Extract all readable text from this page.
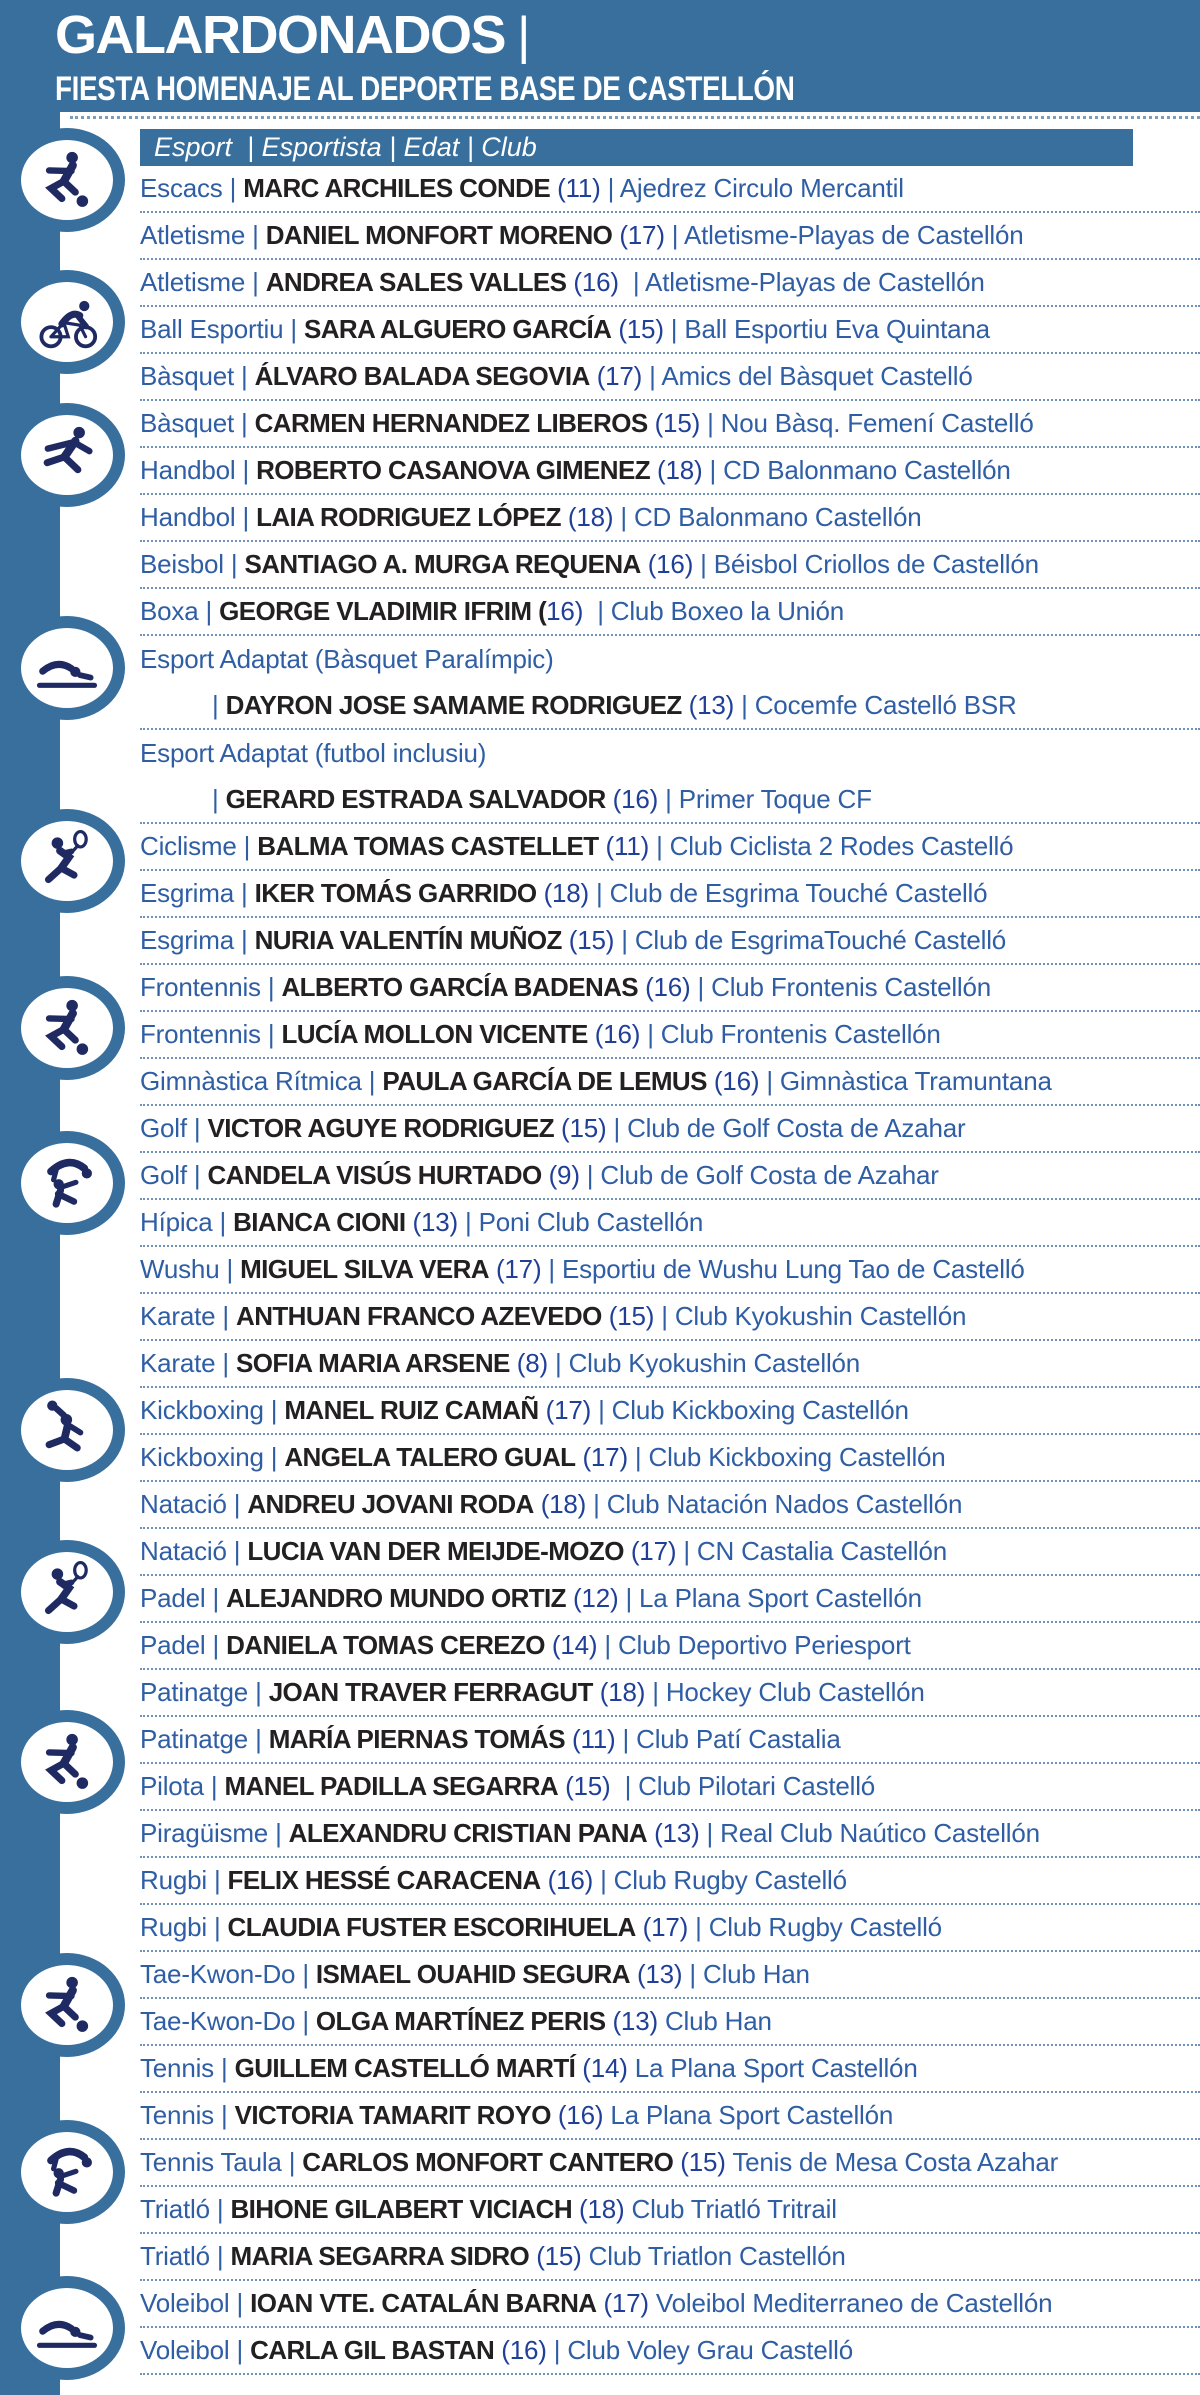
GALARDONADOS |
FIESTA HOMENAJE AL DEPORTE BASE DE CASTELLÓN
Esport  | Esportista | Edat | Club
Escacs | MARC ARCHILES CONDE (11) | Ajedrez Circulo Mercantil
Atletisme | DANIEL MONFORT MORENO (17) | Atletisme-Playas de Castellón
Atletisme | ANDREA SALES VALLES (16)  | Atletisme-Playas de Castellón
Ball Esportiu | SARA ALGUERO GARCÍA (15) | Ball Esportiu Eva Quintana
Bàsquet | ÁLVARO BALADA SEGOVIA (17) | Amics del Bàsquet Castelló
Bàsquet | CARMEN HERNANDEZ LIBEROS (15) | Nou Bàsq. Femení Castelló
Handbol | ROBERTO CASANOVA GIMENEZ (18) | CD Balonmano Castellón
Handbol | LAIA RODRIGUEZ LÓPEZ (18) | CD Balonmano Castellón
Beisbol | SANTIAGO A. MURGA REQUENA (16) | Béisbol Criollos de Castellón
Boxa | GEORGE VLADIMIR IFRIM (16)  | Club Boxeo la Unión
Esport Adaptat (Bàsquet Paralímpic)
| DAYRON JOSE SAMAME RODRIGUEZ (13) | Cocemfe Castelló BSR
Esport Adaptat (futbol inclusiu)
| GERARD ESTRADA SALVADOR (16) | Primer Toque CF
Ciclisme | BALMA TOMAS CASTELLET (11) | Club Ciclista 2 Rodes Castelló
Esgrima | IKER TOMÁS GARRIDO (18) | Club de Esgrima Touché Castelló
Esgrima | NURIA VALENTÍN MUÑOZ (15) | Club de EsgrimaTouché Castelló
Frontennis | ALBERTO GARCÍA BADENAS (16) | Club Frontenis Castellón
Frontennis | LUCÍA MOLLON VICENTE (16) | Club Frontenis Castellón
Gimnàstica Rítmica | PAULA GARCÍA DE LEMUS (16) | Gimnàstica Tramuntana
Golf | VICTOR AGUYE RODRIGUEZ (15) | Club de Golf Costa de Azahar
Golf | CANDELA VISÚS HURTADO (9) | Club de Golf Costa de Azahar
Hípica | BIANCA CIONI (13) | Poni Club Castellón
Wushu | MIGUEL SILVA VERA (17) | Esportiu de Wushu Lung Tao de Castelló
Karate | ANTHUAN FRANCO AZEVEDO (15) | Club Kyokushin Castellón
Karate | SOFIA MARIA ARSENE (8) | Club Kyokushin Castellón
Kickboxing | MANEL RUIZ CAMAÑ (17) | Club Kickboxing Castellón
Kickboxing | ANGELA TALERO GUAL (17) | Club Kickboxing Castellón
Natació | ANDREU JOVANI RODA (18) | Club Natación Nados Castellón
Natació | LUCIA VAN DER MEIJDE-MOZO (17) | CN Castalia Castellón
Padel | ALEJANDRO MUNDO ORTIZ (12) | La Plana Sport Castellón
Padel | DANIELA TOMAS CEREZO (14) | Club Deportivo Periesport
Patinatge | JOAN TRAVER FERRAGUT (18) | Hockey Club Castellón
Patinatge | MARÍA PIERNAS TOMÁS (11) | Club Patí Castalia
Pilota | MANEL PADILLA SEGARRA (15)  | Club Pilotari Castelló
Piragüisme | ALEXANDRU CRISTIAN PANA (13) | Real Club Naútico Castellón
Rugbi | FELIX HESSÉ CARACENA (16) | Club Rugby Castelló
Rugbi | CLAUDIA FUSTER ESCORIHUELA (17) | Club Rugby Castelló
Tae-Kwon-Do | ISMAEL OUAHID SEGURA (13) | Club Han
Tae-Kwon-Do | OLGA MARTÍNEZ PERIS (13) Club Han
Tennis | GUILLEM CASTELLÓ MARTÍ (14) La Plana Sport Castellón
Tennis | VICTORIA TAMARIT ROYO (16) La Plana Sport Castellón
Tennis Taula | CARLOS MONFORT CANTERO (15) Tenis de Mesa Costa Azahar
Triatló | BIHONE GILABERT VICIACH (18) Club Triatló Tritrail
Triatló | MARIA SEGARRA SIDRO (15) Club Triatlon Castellón
Voleibol | IOAN VTE. CATALÁN BARNA (17) Voleibol Mediterraneo de Castellón
Voleibol | CARLA GIL BASTAN (16) | Club Voley Grau Castelló
